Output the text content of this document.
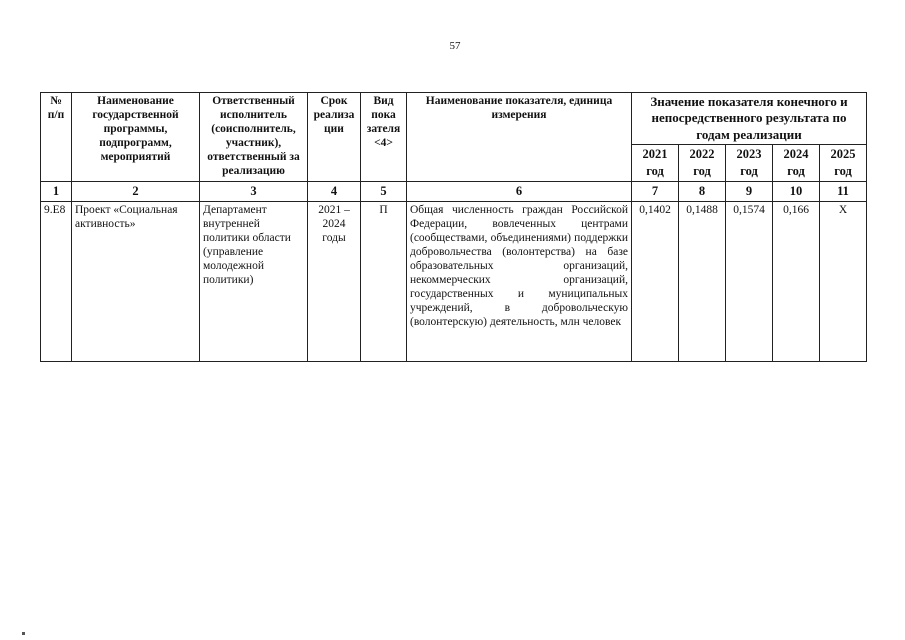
57
№ п/п	Наименование государственной программы, подпрограмм, мероприятий	Ответственный исполнитель (соисполнитель, участник), ответственный за реализацию	Срок реализа ции	Вид пока зателя <4>	Наименование показателя, единица измерения	Значение показателя конечного и непосредственного результата по годам реализации				
						2021 год	2022 год	2023 год	2024 год	2025 год
1	2	3	4	5	6	7	8	9	10	11
9.Е8	Проект «Социальная активность»	Департамент внутренней политики области (управление молодежной политики)	2021 – 2024 годы	П	Общая численность граждан Российской Федерации, вовлеченных центрами (сообществами, объединениями) поддержки добровольчества (волонтерства) на базе образовательных организаций, некоммерческих организаций, государственных и муниципальных учреждений, в добровольческую (волонтерскую) деятельность, млн человек	0,1402	0,1488	0,1574	0,166	Х
